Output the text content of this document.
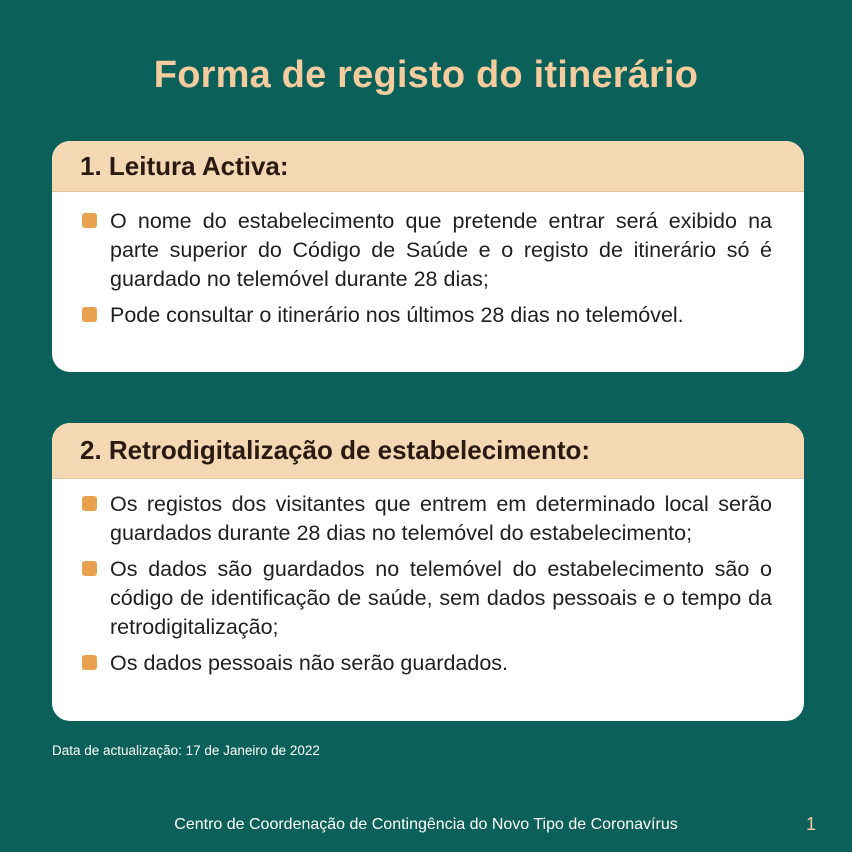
Forma de registo do itinerário
1. Leitura Activa:
O nome do estabelecimento que pretende entrar será exibido na parte superior do Código de Saúde e o registo de itinerário só é guardado no telemóvel durante 28 dias;
Pode consultar o itinerário nos últimos 28 dias no telemóvel.
2. Retrodigitalização de estabelecimento:
Os registos dos visitantes que entrem em determinado local serão guardados durante 28 dias no telemóvel do estabelecimento;
Os dados são guardados no telemóvel do estabelecimento são o código de identificação de saúde, sem dados pessoais e o tempo da retrodigitalização;
Os dados pessoais não serão guardados.
Data de actualização: 17 de Janeiro de 2022
Centro de Coordenação de Contingência do Novo Tipo de Coronavírus	1
